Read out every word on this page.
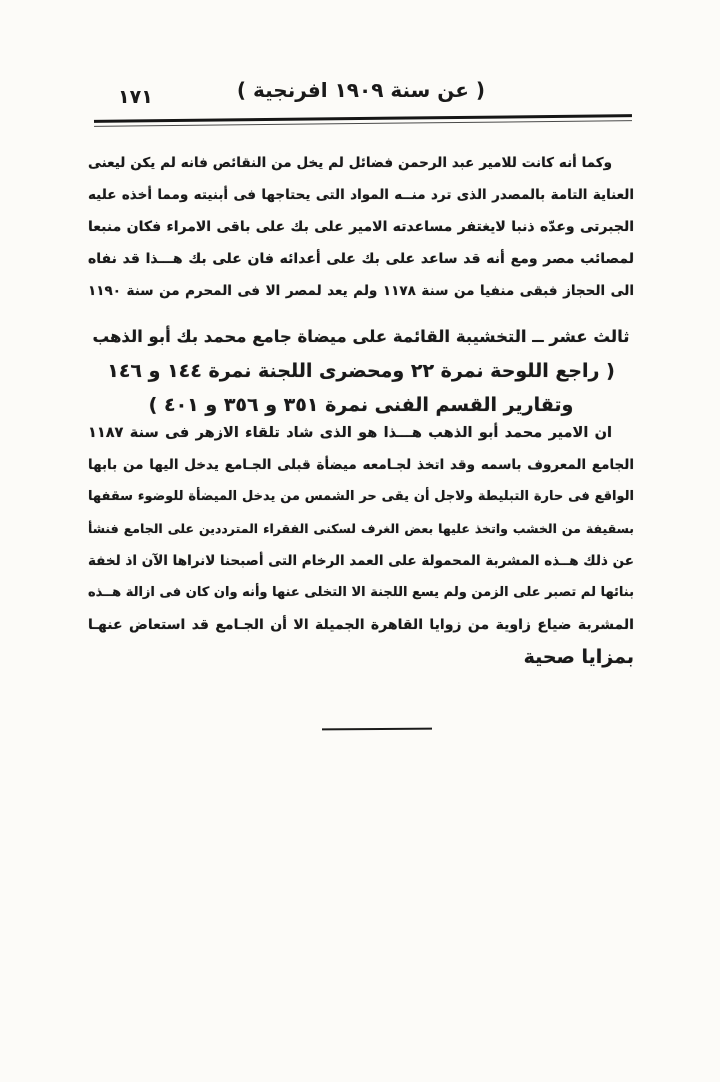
١٧١	( عن سنة ١٩٠٩ افرنجية )
وكما أنه كانت للامير عبد الرحمن فضائل لم يخل من النقائص فانه لم يكن ليعنى
العناية التامة بالمصدر الذى ترد منــه المواد التى يحتاجها فى أبنيته ومما أخذه عليه
الجبرتى وعدّه ذنبا لايغتفر مساعدته الامير على بك على باقى الامراء فكان منبعا
لمصائب مصر ومع أنه قد ساعد على بك على أعدائه فان على بك هـــذا قد نفاه
الى الحجاز فبقى منفيا من سنة ١١٧٨ ولم يعد لمصر الا فى المحرم من سنة ١١٩٠
ثالث عشر ــ التخشيبة القائمة على ميضاة جامع محمد بك أبو الذهب
( راجع اللوحة نمرة ٢٢ ومحضرى اللجنة نمرة ١٤٤ و ١٤٦
وتقارير القسم الفنى نمرة ٣٥١ و ٣٥٦ و ٤٠١ )
ان الامير محمد أبو الذهب هـــذا هو الذى شاد تلقاء الازهر فى سنة ١١٨٧
الجامع المعروف باسمه وقد اتخذ لجـامعه ميضأة قبلى الجـامع يدخل اليها من بابها
الواقع فى حارة التبليطة ولاجل أن يقى حر الشمس من يدخل الميضأة للوضوء سقفها
بسقيفة من الخشب واتخذ عليها بعض الغرف لسكنى الفقراء المترددين على الجامع فنشأ
عن ذلك هــذه المشربة المحمولة على العمد الرخام التى أصبحنا لانراها الآن اذ لخفة
بنائها لم تصبر على الزمن ولم يسع اللجنة الا التخلى عنها وأنه وان كان فى ازالة هــذه
المشربة ضياع زاوية من زوايا القاهرة الجميلة الا أن الجـامع قد استعاض عنهـا
بمزايا صحية
